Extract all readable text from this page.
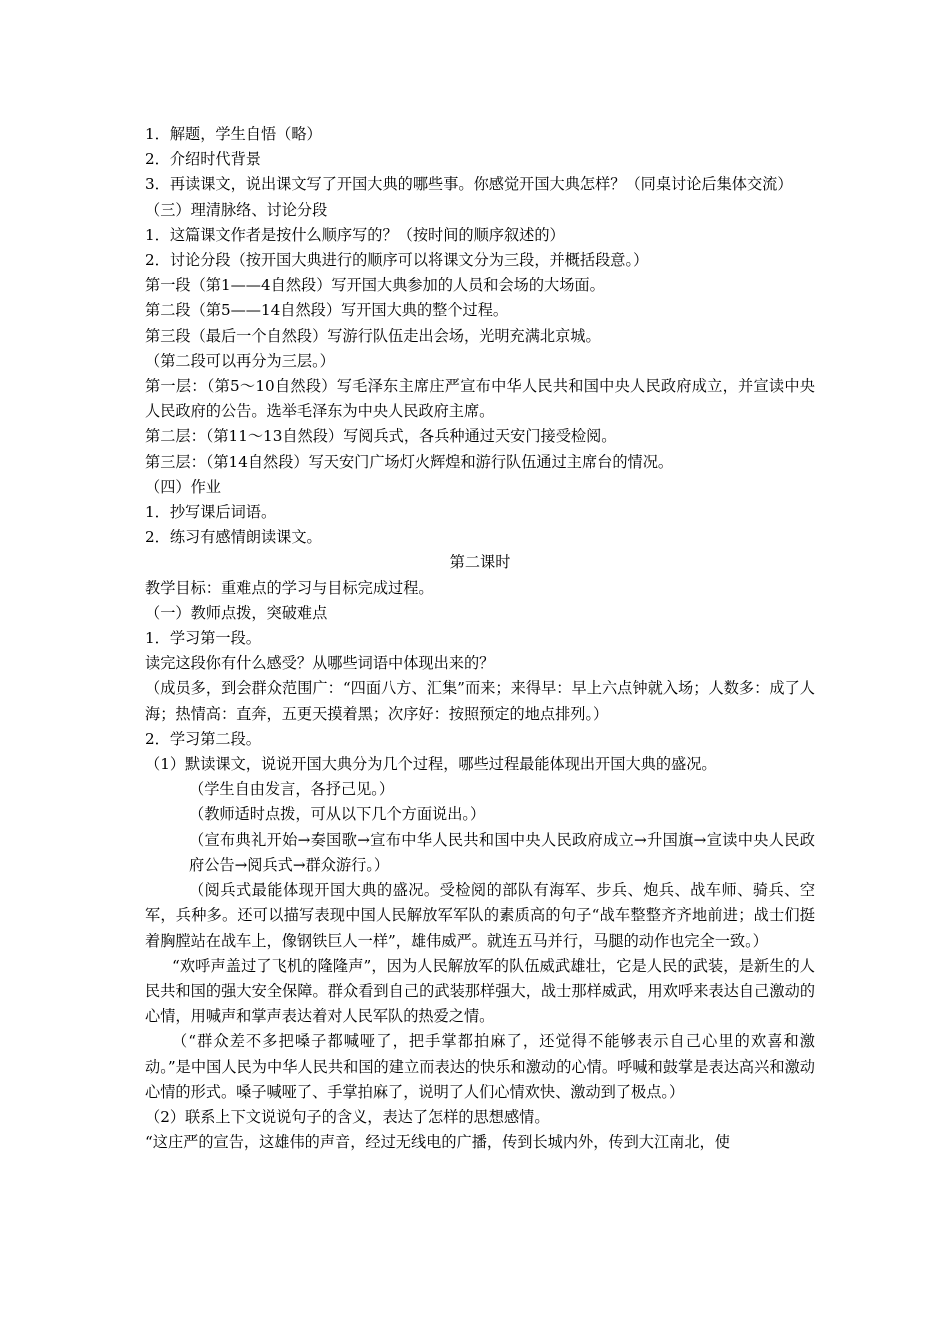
1．解题，学生自悟（略）
2．介绍时代背景
3．再读课文，说出课文写了开国大典的哪些事。你感觉开国大典怎样？（同桌讨论后集体交流）
（三）理清脉络、讨论分段
1．这篇课文作者是按什么顺序写的？（按时间的顺序叙述的）
2．讨论分段（按开国大典进行的顺序可以将课文分为三段，并概括段意。）
第一段（第1——4自然段）写开国大典参加的人员和会场的大场面。
第二段（第5——14自然段）写开国大典的整个过程。
第三段（最后一个自然段）写游行队伍走出会场，光明充满北京城。
（第二段可以再分为三层。）
第一层：（第5～10自然段）写毛泽东主席庄严宣布中华人民共和国中央人民政府成立，并宣读中央人民政府的公告。选举毛泽东为中央人民政府主席。
第二层：（第11～13自然段）写阅兵式，各兵种通过天安门接受检阅。
第三层：（第14自然段）写天安门广场灯火辉煌和游行队伍通过主席台的情况。
（四）作业
1．抄写课后词语。
2．练习有感情朗读课文。
第二课时
教学目标：重难点的学习与目标完成过程。
（一）教师点拨，突破难点
1．学习第一段。
读完这段你有什么感受？从哪些词语中体现出来的？
（成员多，到会群众范围广：“四面八方、汇集”而来；来得早：早上六点钟就入场；人数多：成了人海；热情高：直奔，五更天摸着黑；次序好：按照预定的地点排列。）
2．学习第二段。
（1）默读课文，说说开国大典分为几个过程，哪些过程最能体现出开国大典的盛况。
（学生自由发言，各抒己见。）
（教师适时点拨，可从以下几个方面说出。）
（宣布典礼开始→奏国歌→宣布中华人民共和国中央人民政府成立→升国旗→宣读中央人民政府公告→阅兵式→群众游行。）
（阅兵式最能体现开国大典的盛况。受检阅的部队有海军、步兵、炮兵、战车师、骑兵、空军，兵种多。还可以描写表现中国人民解放军军队的素质高的句子“战车整整齐齐地前进；战士们挺着胸膛站在战车上，像钢铁巨人一样”，雄伟威严。就连五马并行，马腿的动作也完全一致。）
“欢呼声盖过了飞机的隆隆声”，因为人民解放军的队伍威武雄壮，它是人民的武装，是新生的人民共和国的强大安全保障。群众看到自己的武装那样强大，战士那样威武，用欢呼来表达自己激动的心情，用喊声和掌声表达着对人民军队的热爱之情。
（“群众差不多把嗓子都喊哑了，把手掌都拍麻了，还觉得不能够表示自己心里的欢喜和激动。”是中国人民为中华人民共和国的建立而表达的快乐和激动的心情。呼喊和鼓掌是表达高兴和激动心情的形式。嗓子喊哑了、手掌拍麻了，说明了人们心情欢快、激动到了极点。）
（2）联系上下文说说句子的含义，表达了怎样的思想感情。
“这庄严的宣告，这雄伟的声音，经过无线电的广播，传到长城内外，传到大江南北，使
